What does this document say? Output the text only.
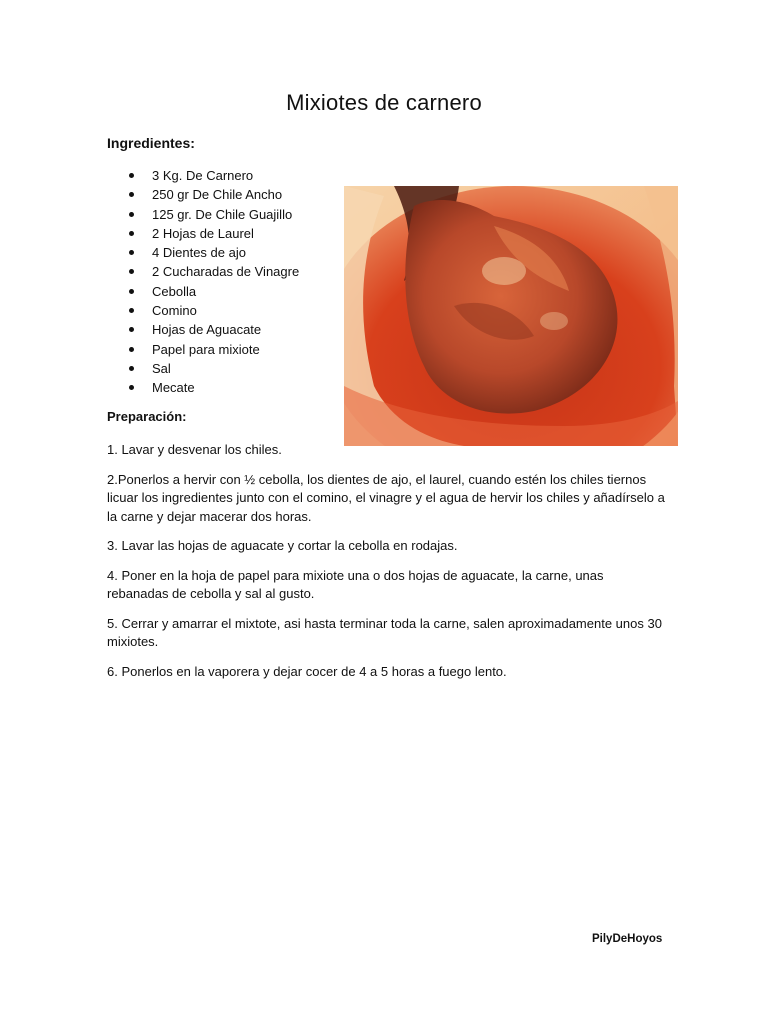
Mixiotes de carnero
Ingredientes:
3 Kg. De Carnero
250 gr De Chile Ancho
125 gr. De Chile Guajillo
2 Hojas de Laurel
4 Dientes de ajo
2 Cucharadas de Vinagre
Cebolla
Comino
Hojas de Aguacate
Papel para mixiote
Sal
Mecate
Preparación:

1. Lavar y desvenar los chiles.

2.Ponerlos a hervir con ½ cebolla, los dientes de ajo, el laurel, cuando estén los chiles tiernos licuar los ingredientes junto con el comino, el vinagre y el agua de hervir los chiles y añadírselo a la carne y dejar macerar dos horas.

3. Lavar las hojas de aguacate y cortar la cebolla en rodajas.

4. Poner en la hoja de papel para mixiote una o dos hojas de aguacate, la carne, unas rebanadas de cebolla y sal al gusto.

5. Cerrar y amarrar el mixtote, asi hasta terminar toda la carne, salen aproximadamente unos 30 mixiotes.

6. Ponerlos en la vaporera y dejar cocer de 4 a 5 horas a fuego lento.

PilyDeHoyos
